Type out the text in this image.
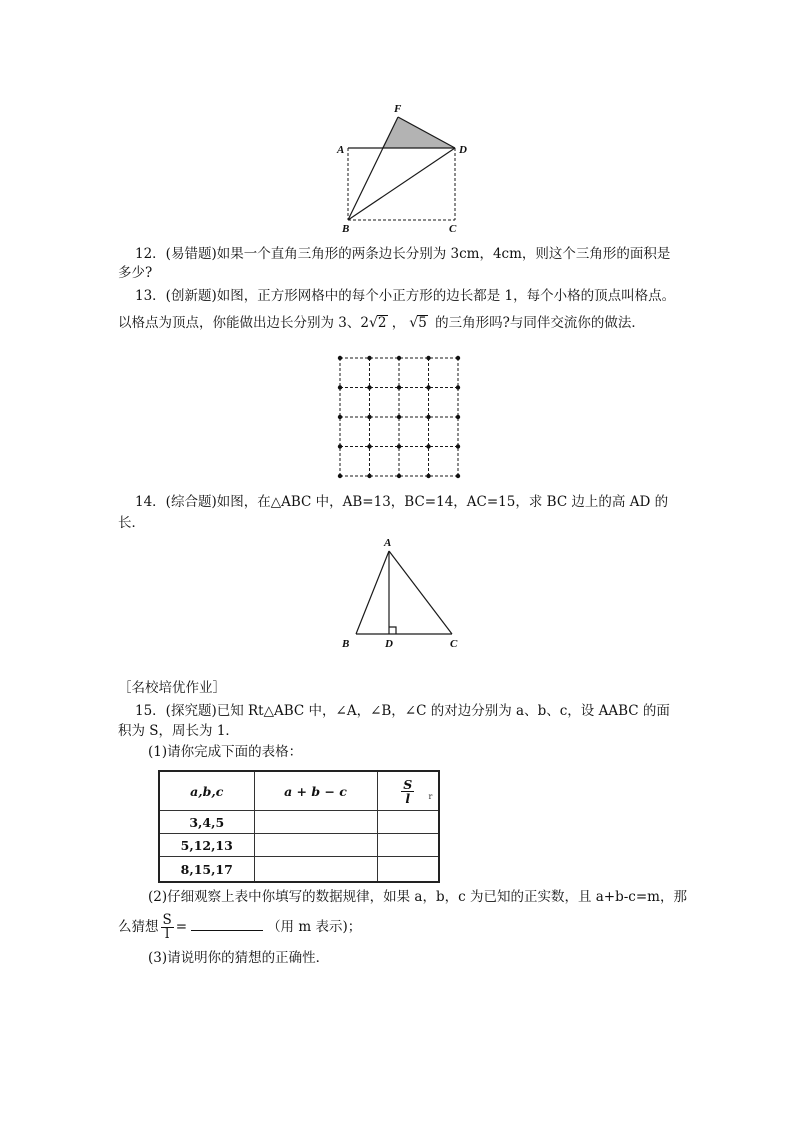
F
A	D
B	C
12．(易错题)如果一个直角三角形的两条边长分别为 3cm，4cm，则这个三角形的面积是
多少?
13．(创新题)如图，正方形网格中的每个小正方形的边长都是 1，每个小格的顶点叫格点。
以格点为顶点，你能做出边长分别为 3、2√2 ， √5 的三角形吗?与同伴交流你的做法．
14．(综合题)如图，在△ABC 中，AB=13，BC=14，AC=15，求 BC 边上的高 AD 的
长．
A
B	D	C
［名校培优作业］
15．(探究题)已知 Rt△ABC 中，∠A，∠B，∠C 的对边分别为 a、b、c，设 AABC 的面
积为 S，周长为 1．
(1)请你完成下面的表格：
a,b,c	a + b − c	$\frac{S}{l}$ r

3,4,5		
5,12,13		
8,15,17		
(2)仔细观察上表中你填写的数据规律，如果 a，b，c 为已知的正实数，且 a+b-c=m，那
么猜想 $\frac{S}{l}$ =	（用 m 表示)；
(3)请说明你的猜想的正确性．
